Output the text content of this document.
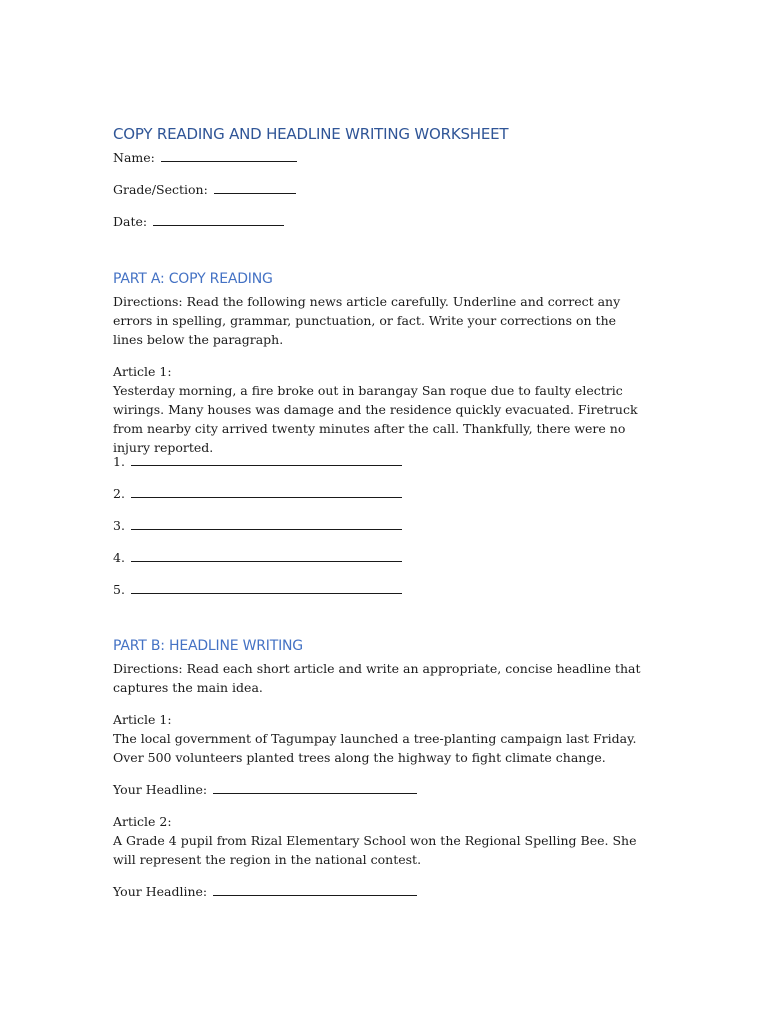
COPY READING AND HEADLINE WRITING WORKSHEET

Name:

Grade/Section:

Date:

PART A: COPY READING

Directions: Read the following news article carefully. Underline and correct any errors in spelling, grammar, punctuation, or fact. Write your corrections on the lines below the paragraph.

Article 1:

Yesterday morning, a fire broke out in barangay San roque due to faulty electric wirings. Many houses was damage and the residence quickly evacuated. Firetruck from nearby city arrived twenty minutes after the call. Thankfully, there were no injury reported.

1.

2.

3.

4.

5.

PART B: HEADLINE WRITING

Directions: Read each short article and write an appropriate, concise headline that captures the main idea.

Article 1:

The local government of Tagumpay launched a tree-planting campaign last Friday. Over 500 volunteers planted trees along the highway to fight climate change.

Your Headline:

Article 2:

A Grade 4 pupil from Rizal Elementary School won the Regional Spelling Bee. She will represent the region in the national contest.

Your Headline:
